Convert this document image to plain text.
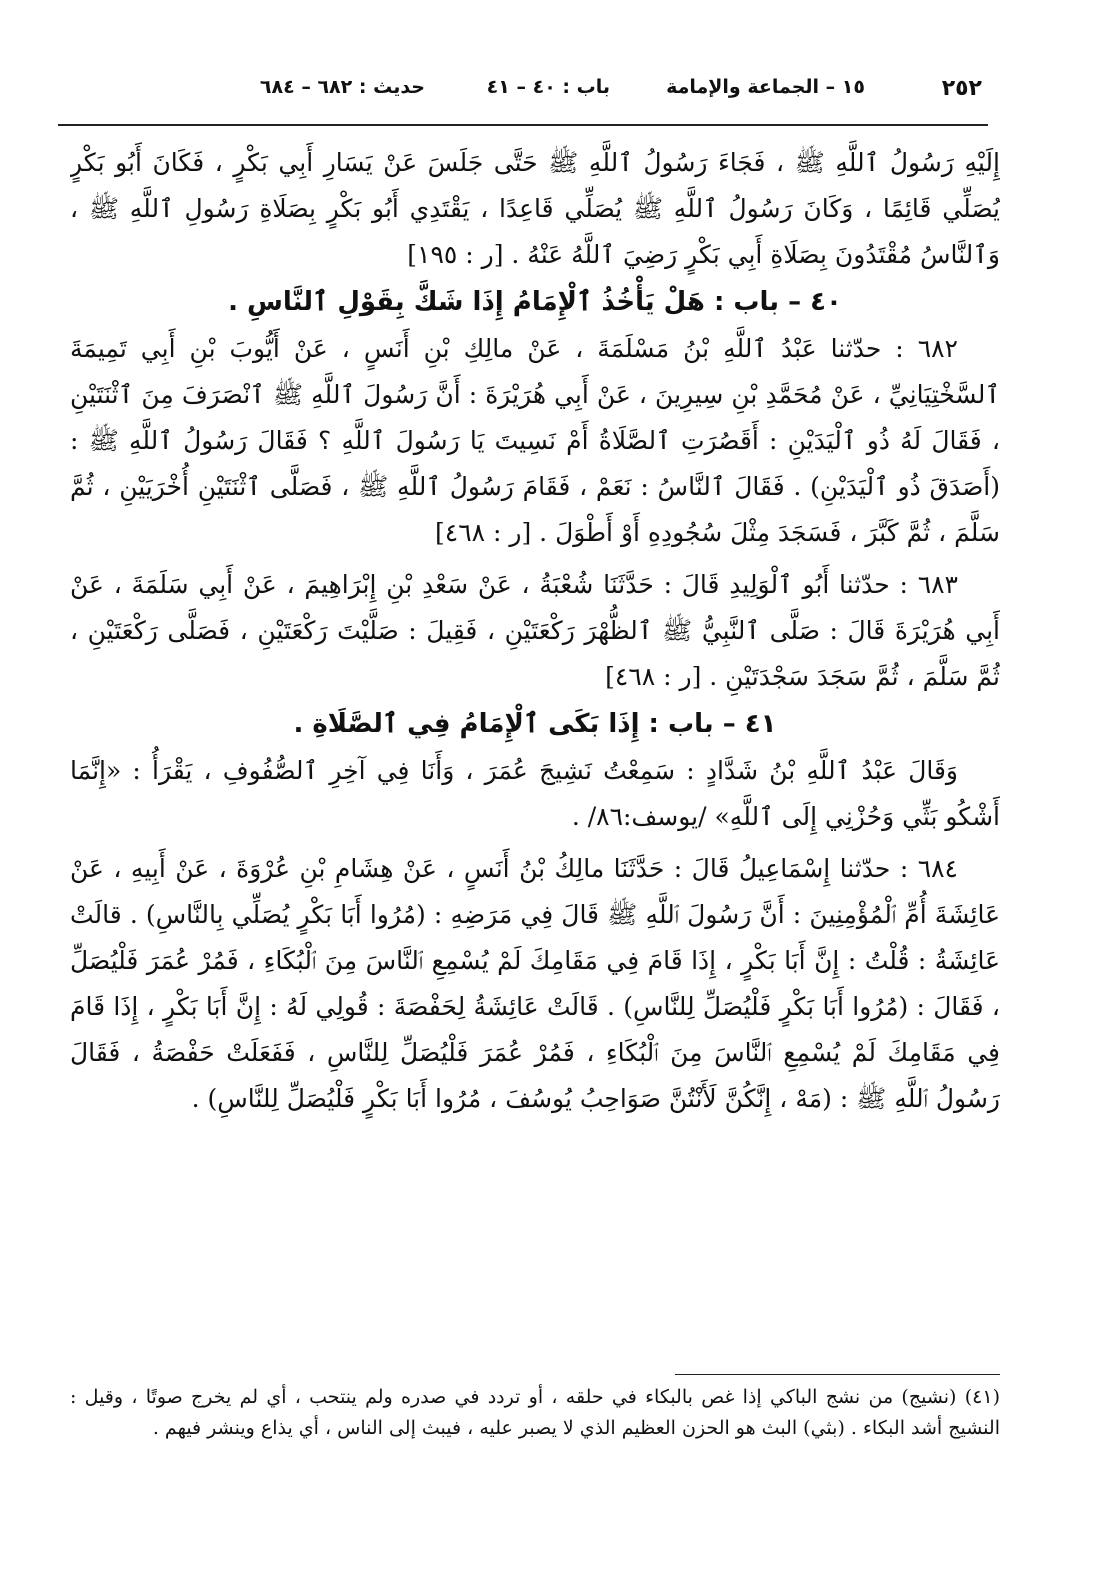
٢٥٢
١٥ – الجماعة والإمامة
باب : ٤٠ – ٤١
حديث : ٦٨٢ – ٦٨٤

إِلَيْهِ رَسُولُ ٱللَّهِ ﷺ ، فَجَاءَ رَسُولُ ٱللَّهِ ﷺ حَتَّى جَلَسَ عَنْ يَسَارِ أَبِي بَكْرٍ ، فَكَانَ أَبُو بَكْرٍ يُصَلِّي قَائِمًا ، وَكَانَ رَسُولُ ٱللَّهِ ﷺ يُصَلِّي قَاعِدًا ، يَقْتَدِي أَبُو بَكْرٍ بِصَلَاةِ رَسُولِ ٱللَّهِ ﷺ ، وَٱلنَّاسُ مُقْتَدُونَ بِصَلَاةِ أَبِي بَكْرٍ رَضِيَ ٱللَّهُ عَنْهُ . [ر : ١٩٥]

٤٠ – باب : هَلْ يَأْخُذُ ٱلْإِمَامُ إِذَا شَكَّ بِقَوْلِ ٱلنَّاسِ .

٦٨٢ : حدّثنا عَبْدُ ٱللَّهِ بْنُ مَسْلَمَةَ ، عَنْ مالِكِ بْنِ أَنَسٍ ، عَنْ أَيُّوبَ بْنِ أَبِي تَمِيمَةَ ٱلسَّخْتِيَانِيِّ ، عَنْ مُحَمَّدِ بْنِ سِيرِينَ ، عَنْ أَبِي هُرَيْرَةَ : أَنَّ رَسُولَ ٱللَّهِ ﷺ ٱنْصَرَفَ مِنَ ٱثْنَتَيْنِ ، فَقَالَ لَهُ ذُو ٱلْيَدَيْنِ : أَقَصُرَتِ ٱلصَّلَاةُ أَمْ نَسِيتَ يَا رَسُولَ ٱللَّهِ ؟ فَقَالَ رَسُولُ ٱللَّهِ ﷺ : (أَصَدَقَ ذُو ٱلْيَدَيْنِ) . فَقَالَ ٱلنَّاسُ : نَعَمْ ، فَقَامَ رَسُولُ ٱللَّهِ ﷺ ، فَصَلَّى ٱثْنَتَيْنِ أُخْرَيَيْنِ ، ثُمَّ سَلَّمَ ، ثُمَّ كَبَّرَ ، فَسَجَدَ مِثْلَ سُجُودِهِ أَوْ أَطْوَلَ . [ر : ٤٦٨]

٦٨٣ : حدّثنا أَبُو ٱلْوَلِيدِ قَالَ : حَدَّثَنَا شُعْبَةُ ، عَنْ سَعْدِ بْنِ إِبْرَاهِيمَ ، عَنْ أَبِي سَلَمَةَ ، عَنْ أَبِي هُرَيْرَةَ قَالَ : صَلَّى ٱلنَّبِيُّ ﷺ ٱلظُّهْرَ رَكْعَتَيْنِ ، فَقِيلَ : صَلَّيْتَ رَكْعَتَيْنِ ، فَصَلَّى رَكْعَتَيْنِ ، ثُمَّ سَلَّمَ ، ثُمَّ سَجَدَ سَجْدَتَيْنِ . [ر : ٤٦٨]

٤١ – باب : إِذَا بَكَى ٱلْإِمَامُ فِي ٱلصَّلَاةِ .

وَقَالَ عَبْدُ ٱللَّهِ بْنُ شَدَّادٍ : سَمِعْتُ نَشِيجَ عُمَرَ ، وَأَنَا فِي آخِرِ ٱلصُّفُوفِ ، يَقْرَأُ : «إِنَّمَا أَشْكُو بَثِّي وَحُزْنِي إِلَى ٱللَّهِ» /يوسف:٨٦/ .

٦٨٤ : حدّثنا إِسْمَاعِيلُ قَالَ : حَدَّثَنَا مالِكُ بْنُ أَنَسٍ ، عَنْ هِشَامِ بْنِ عُرْوَةَ ، عَنْ أَبِيهِ ، عَنْ عَائِشَةَ أُمِّ ٱلْمُؤْمِنِينَ : أَنَّ رَسُولَ ٱللَّهِ ﷺ قَالَ فِي مَرَضِهِ : (مُرُوا أَبَا بَكْرٍ يُصَلِّي بِالنَّاسِ) . قالَتْ عَائِشَةُ : قُلْتُ : إِنَّ أَبَا بَكْرٍ ، إِذَا قَامَ فِي مَقَامِكَ لَمْ يُسْمِعِ ٱلنَّاسَ مِنَ ٱلْبُكَاءِ ، فَمُرْ عُمَرَ فَلْيُصَلِّ ، فَقَالَ : (مُرُوا أَبَا بَكْرٍ فَلْيُصَلِّ لِلنَّاسِ) . قَالَتْ عَائِشَةُ لِحَفْصَةَ : قُولِي لَهُ : إِنَّ أَبَا بَكْرٍ ، إِذَا قَامَ فِي مَقَامِكَ لَمْ يُسْمِعِ ٱلنَّاسَ مِنَ ٱلْبُكَاءِ ، فَمُرْ عُمَرَ فَلْيُصَلِّ لِلنَّاسِ ، فَفَعَلَتْ حَفْصَةُ ، فَقَالَ رَسُولُ ٱللَّهِ ﷺ : (مَهْ ، إِنَّكُنَّ لَأَنْتُنَّ صَوَاحِبُ يُوسُفَ ، مُرُوا أَبَا بَكْرٍ فَلْيُصَلِّ لِلنَّاسِ) .

(٤١) (نشيج) من نشج الباكي إذا غص بالبكاء في حلقه ، أو تردد في صدره ولم ينتحب ، أي لم يخرج صوتًا ، وقيل : النشيج أشد البكاء . (بثي) البث هو الحزن العظيم الذي لا يصبر عليه ، فيبث إلى الناس ، أي يذاع وينشر فيهم .
